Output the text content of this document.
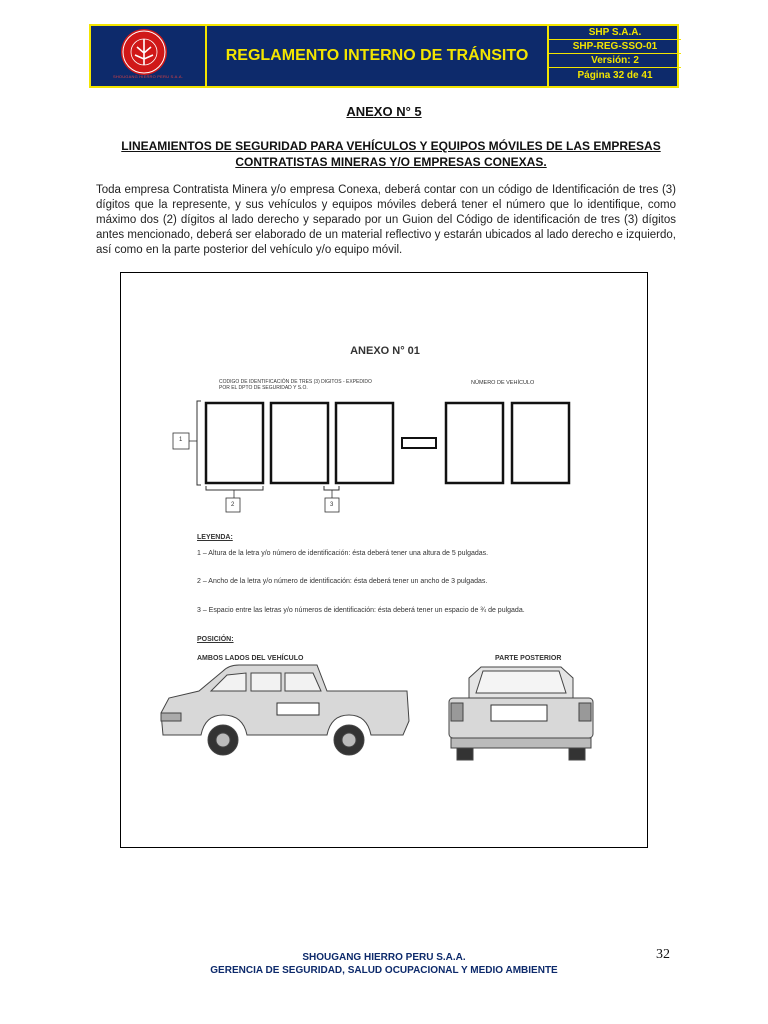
SHOUGANG HIERRO PERU S.A.A.
REGLAMENTO INTERNO DE TRÁNSITO
SHP S.A.A.
SHP-REG-SSO-01
Versión: 2
Página 32 de 41
ANEXO N° 5
LINEAMIENTOS DE SEGURIDAD PARA VEHÍCULOS Y EQUIPOS MÓVILES DE LAS EMPRESAS CONTRATISTAS MINERAS Y/O EMPRESAS CONEXAS.
Toda empresa Contratista Minera y/o empresa Conexa, deberá contar con un código de Identificación de tres (3) dígitos que la represente, y sus vehículos y equipos móviles deberá tener el número que lo identifique, como máximo dos (2) dígitos al lado derecho y separado por un Guion del Código de identificación de tres (3) dígitos antes mencionado, deberá ser elaborado de un material reflectivo y estarán ubicados al lado derecho e izquierdo, así como en la parte posterior del vehículo y/o equipo móvil.
ANEXO N° 01
CODIGO DE IDENTIFICACIÓN DE TRES (3) DIGITOS - EXPEDIDO POR EL DPTO DE SEGURIDAD Y S.O.
NÚMERO DE VEHÍCULO
1
2	3
LEYENDA:
1 – Altura de la letra y/o número de identificación: ésta deberá tener una altura de 5 pulgadas.
2 – Ancho de la letra y/o número de identificación: ésta deberá tener un ancho de 3 pulgadas.
3 – Espacio entre las letras y/o números de identificación: ésta deberá tener un espacio de ¾ de pulgada.
POSICIÓN:
AMBOS LADOS DEL VEHÍCULO	PARTE POSTERIOR
SHOUGANG HIERRO PERU S.A.A.
GERENCIA DE SEGURIDAD, SALUD OCUPACIONAL Y MEDIO AMBIENTE
32
